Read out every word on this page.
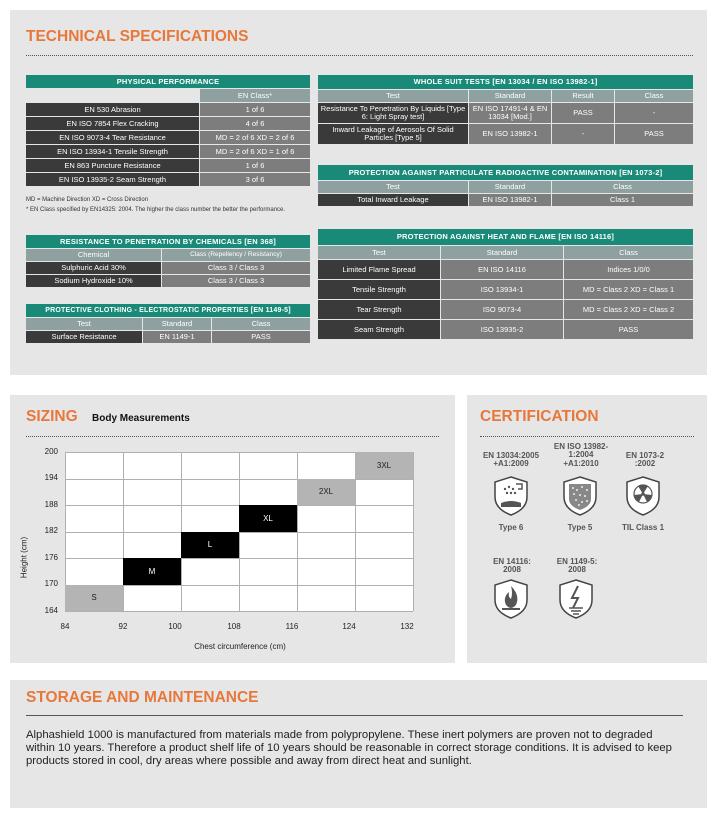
TECHNICAL SPECIFICATIONS
PHYSICAL PERFORMANCE	
	EN Class*
EN 530 Abrasion	1 of 6
EN ISO 7854 Flex Cracking	4 of 6
EN ISO 9073-4 Tear Resistance	MD = 2 of 6 XD = 2 of 6
EN ISO 13934-1 Tensile Strength	MD = 2 of 6 XD = 1 of 6
EN 863 Puncture Resistance	1 of 6
EN ISO 13935-2 Seam Strength	3 of 6
MD = Machine Direction XD = Cross Direction
* EN Class specified by EN14325: 2004. The higher the class number the better the performance.
RESISTANCE TO PENETRATION BY CHEMICALS [EN 368]	
Chemical	Class (Repellency / Resistancy)
Sulphuric Acid 30%	Class 3 / Class 3
Sodium Hydroxide 10%	Class 3 / Class 3
PROTECTIVE CLOTHING - ELECTROSTATIC PROPERTIES [EN 1149-5]		
Test	Standard	Class
Surface Resistance	EN 1149-1	PASS
WHOLE SUIT TESTS [EN 13034 / EN ISO 13982-1]			
Test	Standard	Result	Class
Resistance To Penetration By Liquids [Type 6: Light Spray test]	EN ISO 17491-4 & EN 13034 [Mod.]	PASS	-
Inward Leakage of Aerosols Of Solid Particles [Type 5]	EN ISO 13982-1	-	PASS
PROTECTION AGAINST PARTICULATE RADIOACTIVE CONTAMINATION [EN 1073-2]		
Test	Standard	Class
Total Inward Leakage	EN ISO 13982-1	Class 1
PROTECTION AGAINST HEAT AND FLAME [EN ISO 14116]		
Test	Standard	Class
Limited Flame Spread	EN ISO 14116	Indices 1/0/0
Tensile Strength	ISO 13934-1	MD = Class 2 XD = Class 1
Tear Strength	ISO 9073-4	MD = Class 2 XD = Class 2
Seam Strength	ISO 13935-2	PASS
SIZING Body Measurements
S
M
L
XL
2XL
3XL
200
194
188
182
176
170
164
84	92	100	108	116	124	132
Chest circumference (cm)
Height (cm)
CERTIFICATION
EN 13034:2005 +A1:2009
Type 6
EN ISO 13982-1:2004 +A1:2010
Type 5
EN 1073-2 :2002
TIL Class 1
EN 14116: 2008
EN 1149-5: 2008
STORAGE AND MAINTENANCE
Alphashield 1000 is manufactured from materials made from polypropylene. These inert polymers are proven not to degraded within 10 years. Therefore a product shelf life of 10 years should be reasonable in correct storage conditions. It is advised to keep products stored in cool, dry areas where possible and away from direct heat and sunlight.
